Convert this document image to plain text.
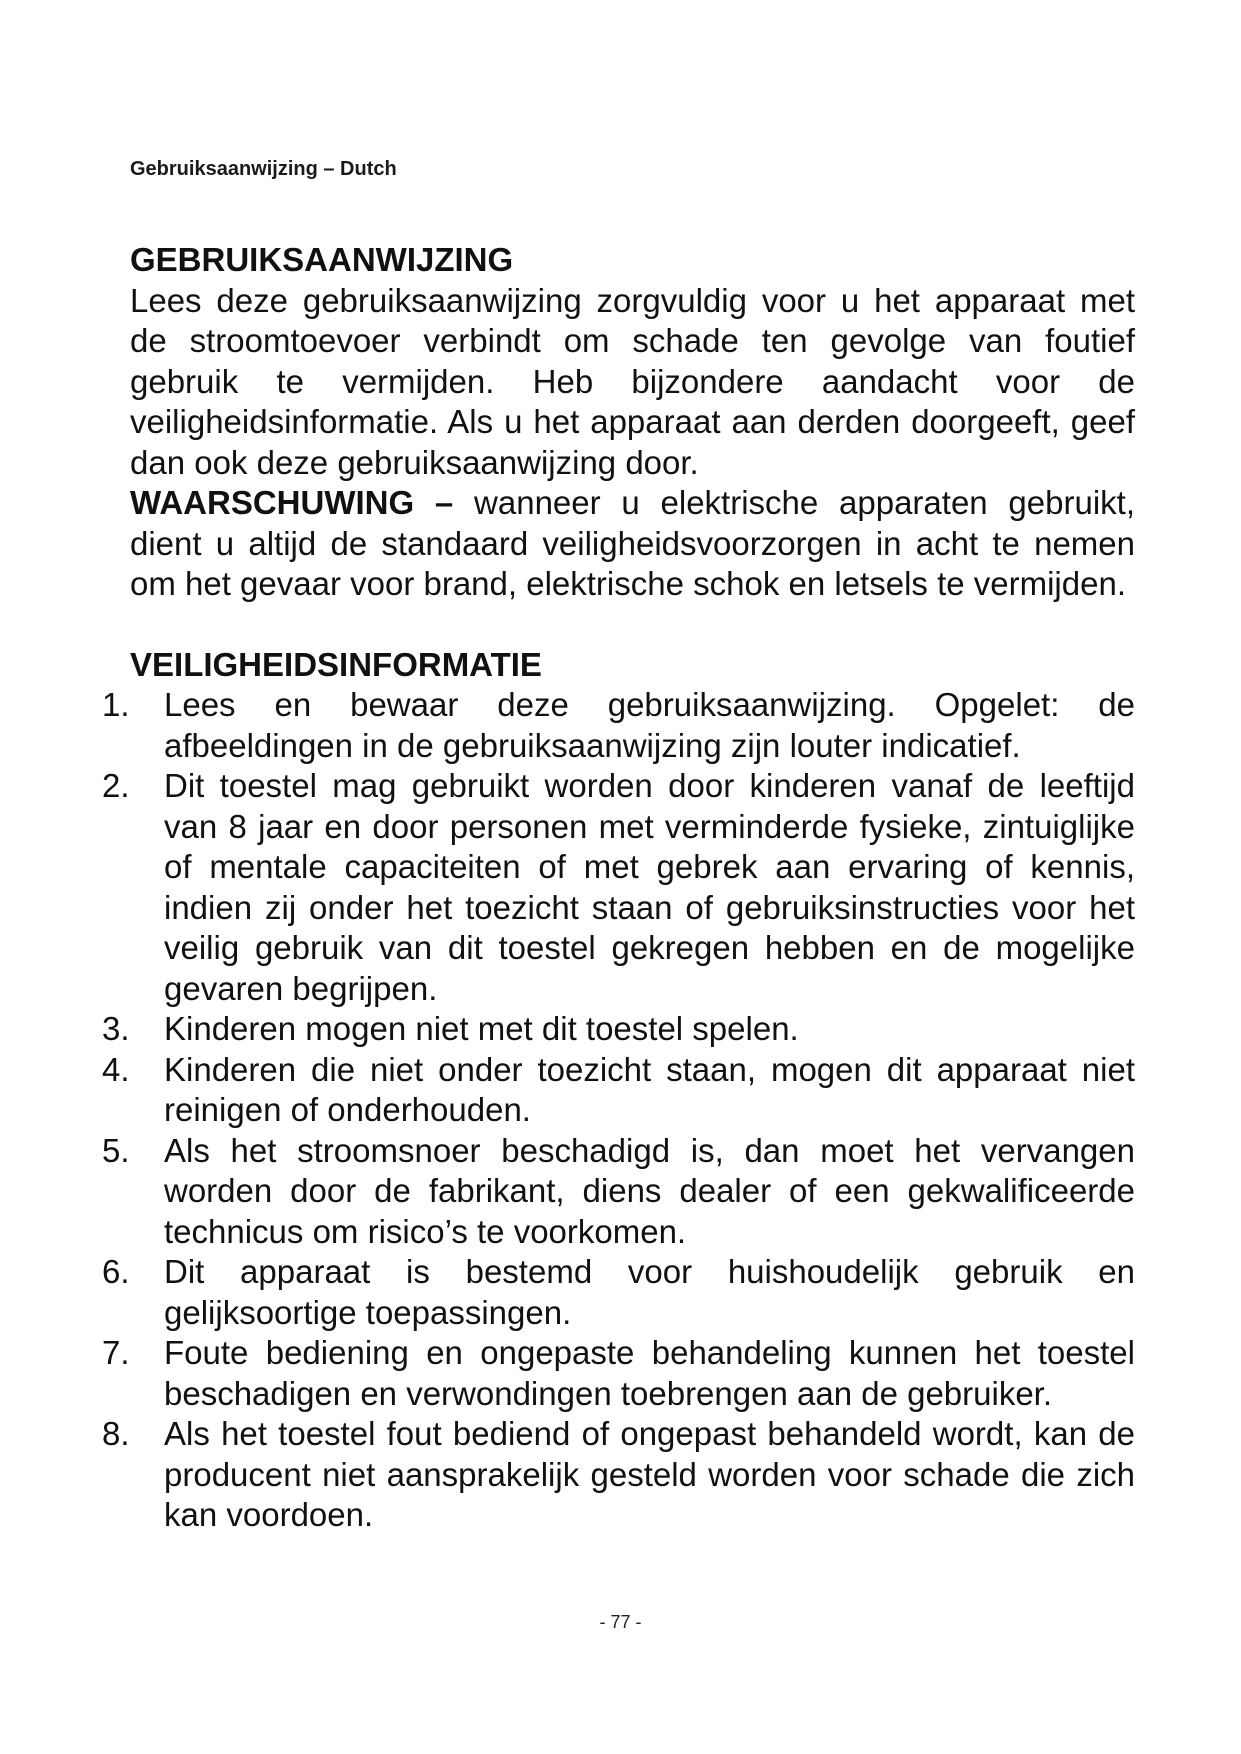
Gebruiksaanwijzing – Dutch
GEBRUIKSAANWIJZING

Lees deze gebruiksaanwijzing zorgvuldig voor u het apparaat met de stroomtoevoer verbindt om schade ten gevolge van foutief gebruik te vermijden. Heb bijzondere aandacht voor de veiligheidsinformatie. Als u het apparaat aan derden doorgeeft, geef dan ook deze gebruiksaanwijzing door.

WAARSCHUWING – wanneer u elektrische apparaten gebruikt, dient u altijd de standaard veiligheidsvoorzorgen in acht te nemen om het gevaar voor brand, elektrische schok en letsels te vermijden.

VEILIGHEIDSINFORMATIE
1.	Lees en bewaar deze gebruiksaanwijzing. Opgelet: de afbeeldingen in de gebruiksaanwijzing zijn louter indicatief.
2.	Dit toestel mag gebruikt worden door kinderen vanaf de leeftijd van 8 jaar en door personen met verminderde fysieke, zintuiglijke of mentale capaciteiten of met gebrek aan ervaring of kennis, indien zij onder het toezicht staan of gebruiksinstructies voor het veilig gebruik van dit toestel gekregen hebben en de mogelijke gevaren begrijpen.
3.	Kinderen mogen niet met dit toestel spelen.
4.	Kinderen die niet onder toezicht staan, mogen dit apparaat niet reinigen of onderhouden.
5.	Als het stroomsnoer beschadigd is, dan moet het vervangen worden door de fabrikant, diens dealer of een gekwalificeerde technicus om risico’s te voorkomen.
6.	Dit apparaat is bestemd voor huishoudelijk gebruik en gelijksoortige toepassingen.
7.	Foute bediening en ongepaste behandeling kunnen het toestel beschadigen en verwondingen toebrengen aan de gebruiker.
8.	Als het toestel fout bediend of ongepast behandeld wordt, kan de producent niet aansprakelijk gesteld worden voor schade die zich kan voordoen.
- 77 -
